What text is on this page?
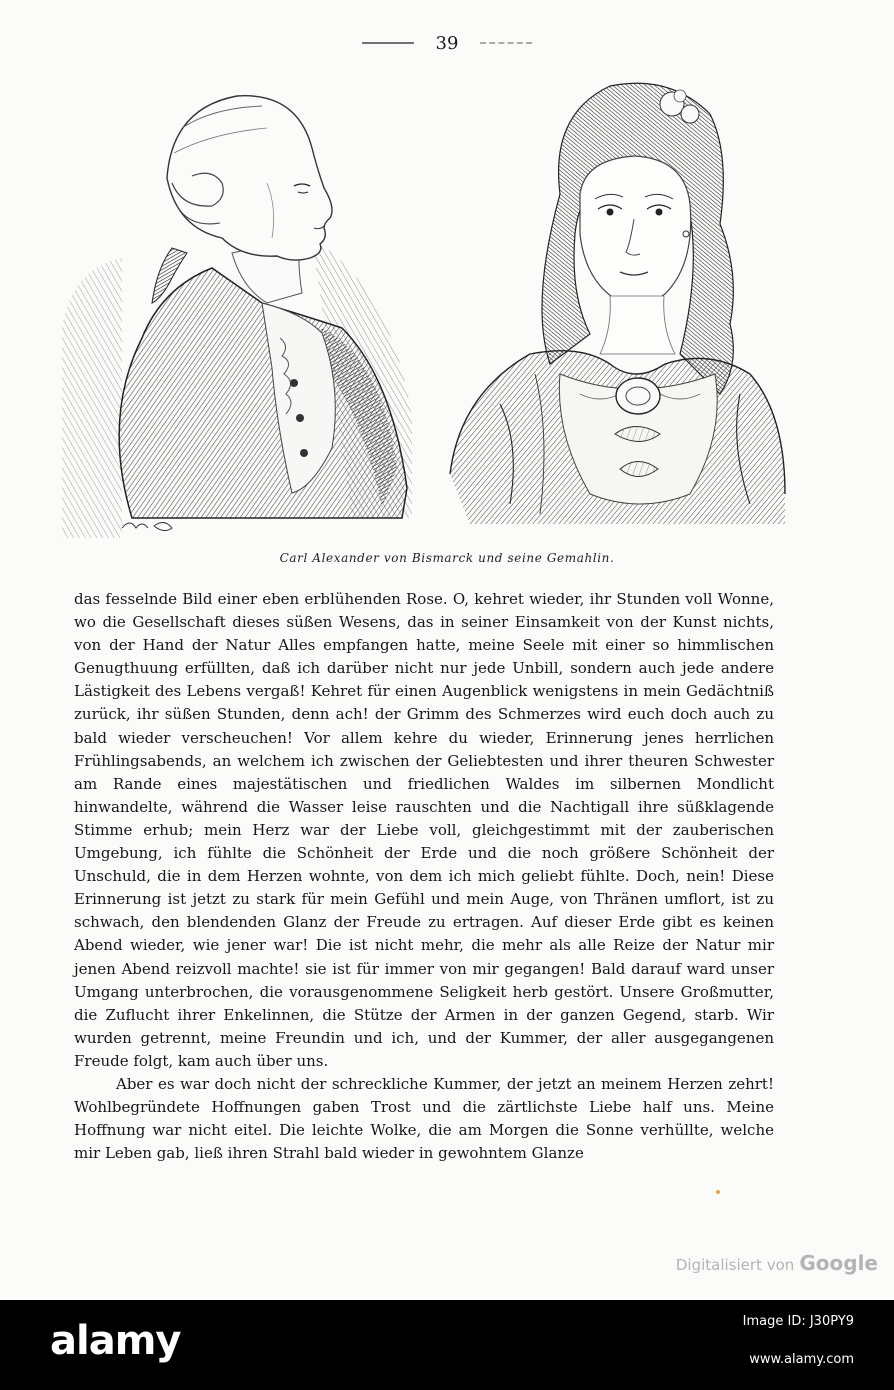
39
Carl Alexander von Bismarck und seine Gemahlin.

das fesselnde Bild einer eben erblühenden Rose. O, kehret wieder, ihr Stunden voll Wonne, wo die Gesellschaft dieses süßen Wesens, das in seiner Einsamkeit von der Kunst nichts, von der Hand der Natur Alles empfangen hatte, meine Seele mit einer so himmlischen Genugthuung erfüllten, daß ich darüber nicht nur jede Unbill, sondern auch jede andere Lästigkeit des Lebens vergaß! Kehret für einen Augenblick wenigstens in mein Gedächtniß zurück, ihr süßen Stunden, denn ach! der Grimm des Schmerzes wird euch doch auch zu bald wieder verscheuchen! Vor allem kehre du wieder, Erinnerung jenes herrlichen Frühlingsabends, an welchem ich zwischen der Geliebtesten und ihrer theuren Schwester am Rande eines majestätischen und friedlichen Waldes im silbernen Mondlicht hinwandelte, während die Wasser leise rauschten und die Nachtigall ihre süßklagende Stimme erhub; mein Herz war der Liebe voll, gleichgestimmt mit der zauberischen Umgebung, ich fühlte die Schönheit der Erde und die noch größere Schönheit der Unschuld, die in dem Herzen wohnte, von dem ich mich geliebt fühlte. Doch, nein! Diese Erinnerung ist jetzt zu stark für mein Gefühl und mein Auge, von Thränen umflort, ist zu schwach, den blendenden Glanz der Freude zu ertragen. Auf dieser Erde gibt es keinen Abend wieder, wie jener war! Die ist nicht mehr, die mehr als alle Reize der Natur mir jenen Abend reizvoll machte! sie ist für immer von mir gegangen! Bald darauf ward unser Umgang unterbrochen, die vorausgenommene Seligkeit herb gestört. Unsere Großmutter, die Zuflucht ihrer Enkelinnen, die Stütze der Armen in der ganzen Gegend, starb. Wir wurden getrennt, meine Freundin und ich, und der Kummer, der aller ausgegangenen Freude folgt, kam auch über uns.

Aber es war doch nicht der schreckliche Kummer, der jetzt an meinem Herzen zehrt! Wohlbegründete Hoffnungen gaben Trost und die zärtlichste Liebe half uns. Meine Hoffnung war nicht eitel. Die leichte Wolke, die am Morgen die Sonne verhüllte, welche mir Leben gab, ließ ihren Strahl bald wieder in gewohntem Glanze

Digitalisiert von Google
alamy	Image ID: J30PY9
www.alamy.com
